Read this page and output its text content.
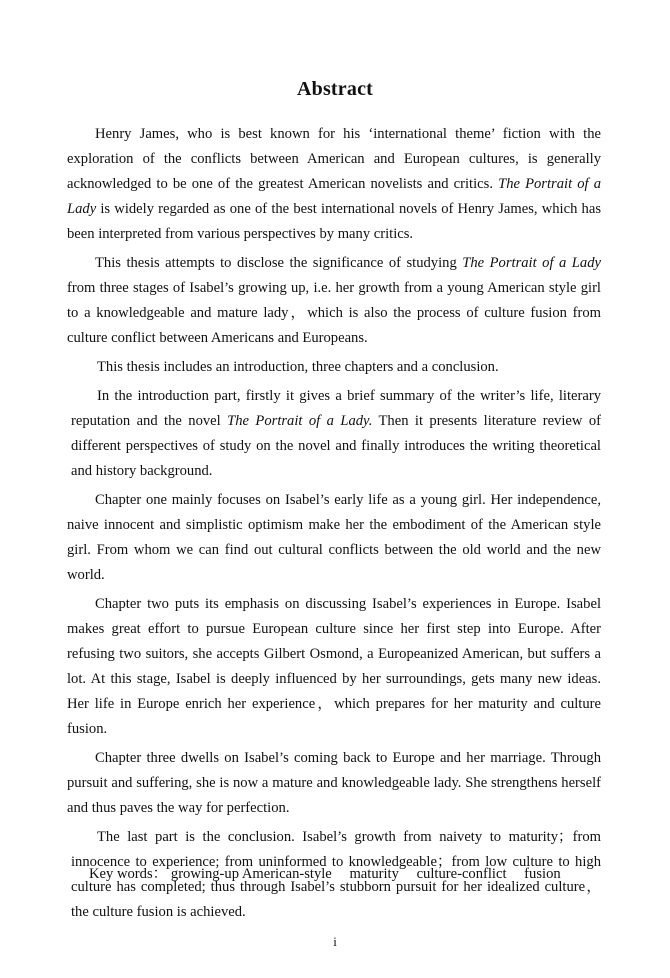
Abstract

Henry James, who is best known for his ‘international theme’ fiction with the exploration of the conflicts between American and European cultures, is generally acknowledged to be one of the greatest American novelists and critics. The Portrait of a Lady is widely regarded as one of the best international novels of Henry James, which has been interpreted from various perspectives by many critics.

This thesis attempts to disclose the significance of studying The Portrait of a Lady from three stages of Isabel’s growing up, i.e. her growth from a young American style girl to a knowledgeable and mature lady，which is also the process of culture fusion from culture conflict between Americans and Europeans.

This thesis includes an introduction, three chapters and a conclusion.

In the introduction part, firstly it gives a brief summary of the writer’s life, literary reputation and the novel The Portrait of a Lady. Then it presents literature review of different perspectives of study on the novel and finally introduces the writing theoretical and history background.

Chapter one mainly focuses on Isabel’s early life as a young girl. Her independence, naive innocent and simplistic optimism make her the embodiment of the American style girl. From whom we can find out cultural conflicts between the old world and the new world.

Chapter two puts its emphasis on discussing Isabel’s experiences in Europe. Isabel makes great effort to pursue European culture since her first step into Europe. After refusing two suitors, she accepts Gilbert Osmond, a Europeanized American, but suffers a lot. At this stage, Isabel is deeply influenced by her surroundings, gets many new ideas. Her life in Europe enrich her experience，which prepares for her maturity and culture fusion.

Chapter three dwells on Isabel’s coming back to Europe and her marriage. Through pursuit and suffering, she is now a mature and knowledgeable lady. She strengthens herself and thus paves the way for perfection.

The last part is the conclusion. Isabel’s growth from naivety to maturity；from innocence to experience; from uninformed to knowledgeable；from low culture to high culture has completed; thus through Isabel’s stubborn pursuit for her idealized culture，the culture fusion is achieved.

Key words： growing-up American-style maturity culture-conflict fusion
i
